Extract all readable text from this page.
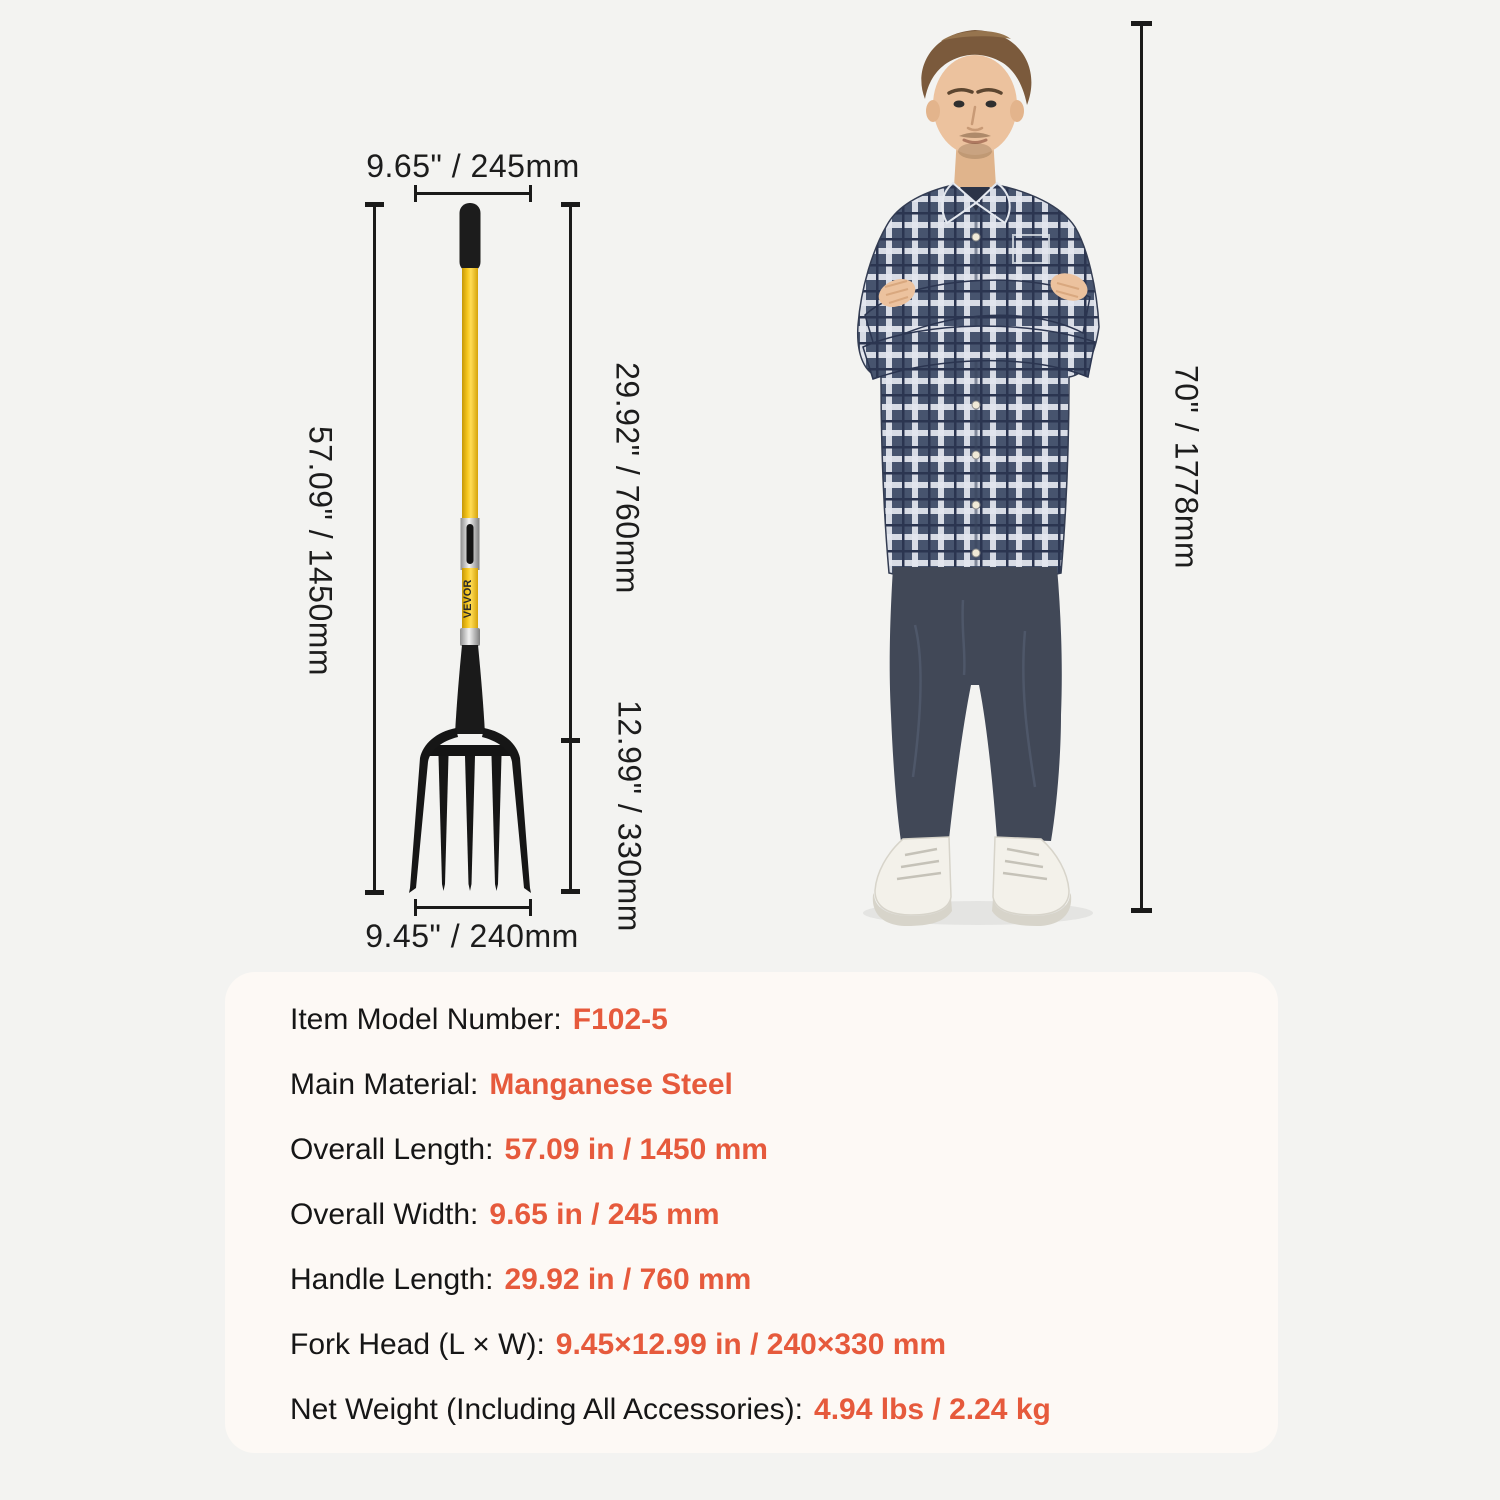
VEVOR
9.65" / 245mm
57.09" / 1450mm	29.92" / 760mm
12.99" / 330mm
9.45" / 240mm
70" / 1778mm
Item Model Number: F102-5
Main Material: Manganese Steel
Overall Length: 57.09 in / 1450 mm
Overall Width: 9.65 in / 245 mm
Handle Length: 29.92 in / 760 mm
Fork Head (L × W): 9.45×12.99 in / 240×330 mm
Net Weight (Including All Accessories): 4.94 lbs / 2.24 kg
